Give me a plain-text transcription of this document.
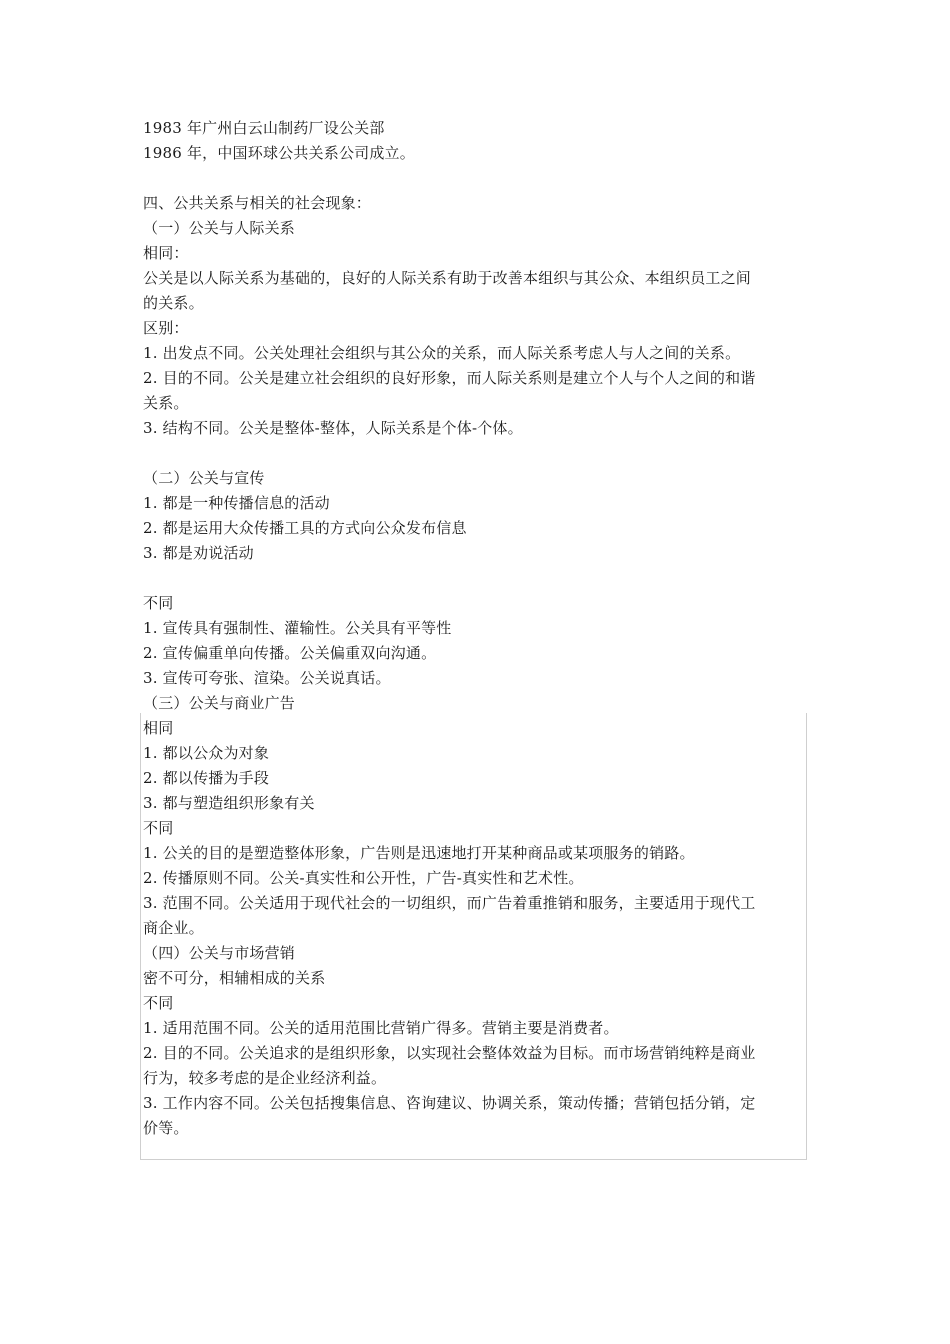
1983 年广州白云山制药厂设公关部
1986 年，中国环球公共关系公司成立。
四、公共关系与相关的社会现象：
（一）公关与人际关系
相同：
公关是以人际关系为基础的，良好的人际关系有助于改善本组织与其公众、本组织员工之间
的关系。
区别：
1. 出发点不同。公关处理社会组织与其公众的关系，而人际关系考虑人与人之间的关系。
2. 目的不同。公关是建立社会组织的良好形象，而人际关系则是建立个人与个人之间的和谐
关系。
3. 结构不同。公关是整体-整体，人际关系是个体-个体。
（二）公关与宣传
1. 都是一种传播信息的活动
2. 都是运用大众传播工具的方式向公众发布信息
3. 都是劝说活动
不同
1. 宣传具有强制性、灌输性。公关具有平等性
2. 宣传偏重单向传播。公关偏重双向沟通。
3. 宣传可夸张、渲染。公关说真话。
（三）公关与商业广告
相同
1. 都以公众为对象
2. 都以传播为手段
3. 都与塑造组织形象有关
不同
1. 公关的目的是塑造整体形象，广告则是迅速地打开某种商品或某项服务的销路。
2. 传播原则不同。公关-真实性和公开性，广告-真实性和艺术性。
3. 范围不同。公关适用于现代社会的一切组织，而广告着重推销和服务，主要适用于现代工
商企业。
（四）公关与市场营销
密不可分，相辅相成的关系
不同
1. 适用范围不同。公关的适用范围比营销广得多。营销主要是消费者。
2. 目的不同。公关追求的是组织形象，以实现社会整体效益为目标。而市场营销纯粹是商业
行为，较多考虑的是企业经济利益。
3. 工作内容不同。公关包括搜集信息、咨询建议、协调关系，策动传播；营销包括分销，定
价等。
